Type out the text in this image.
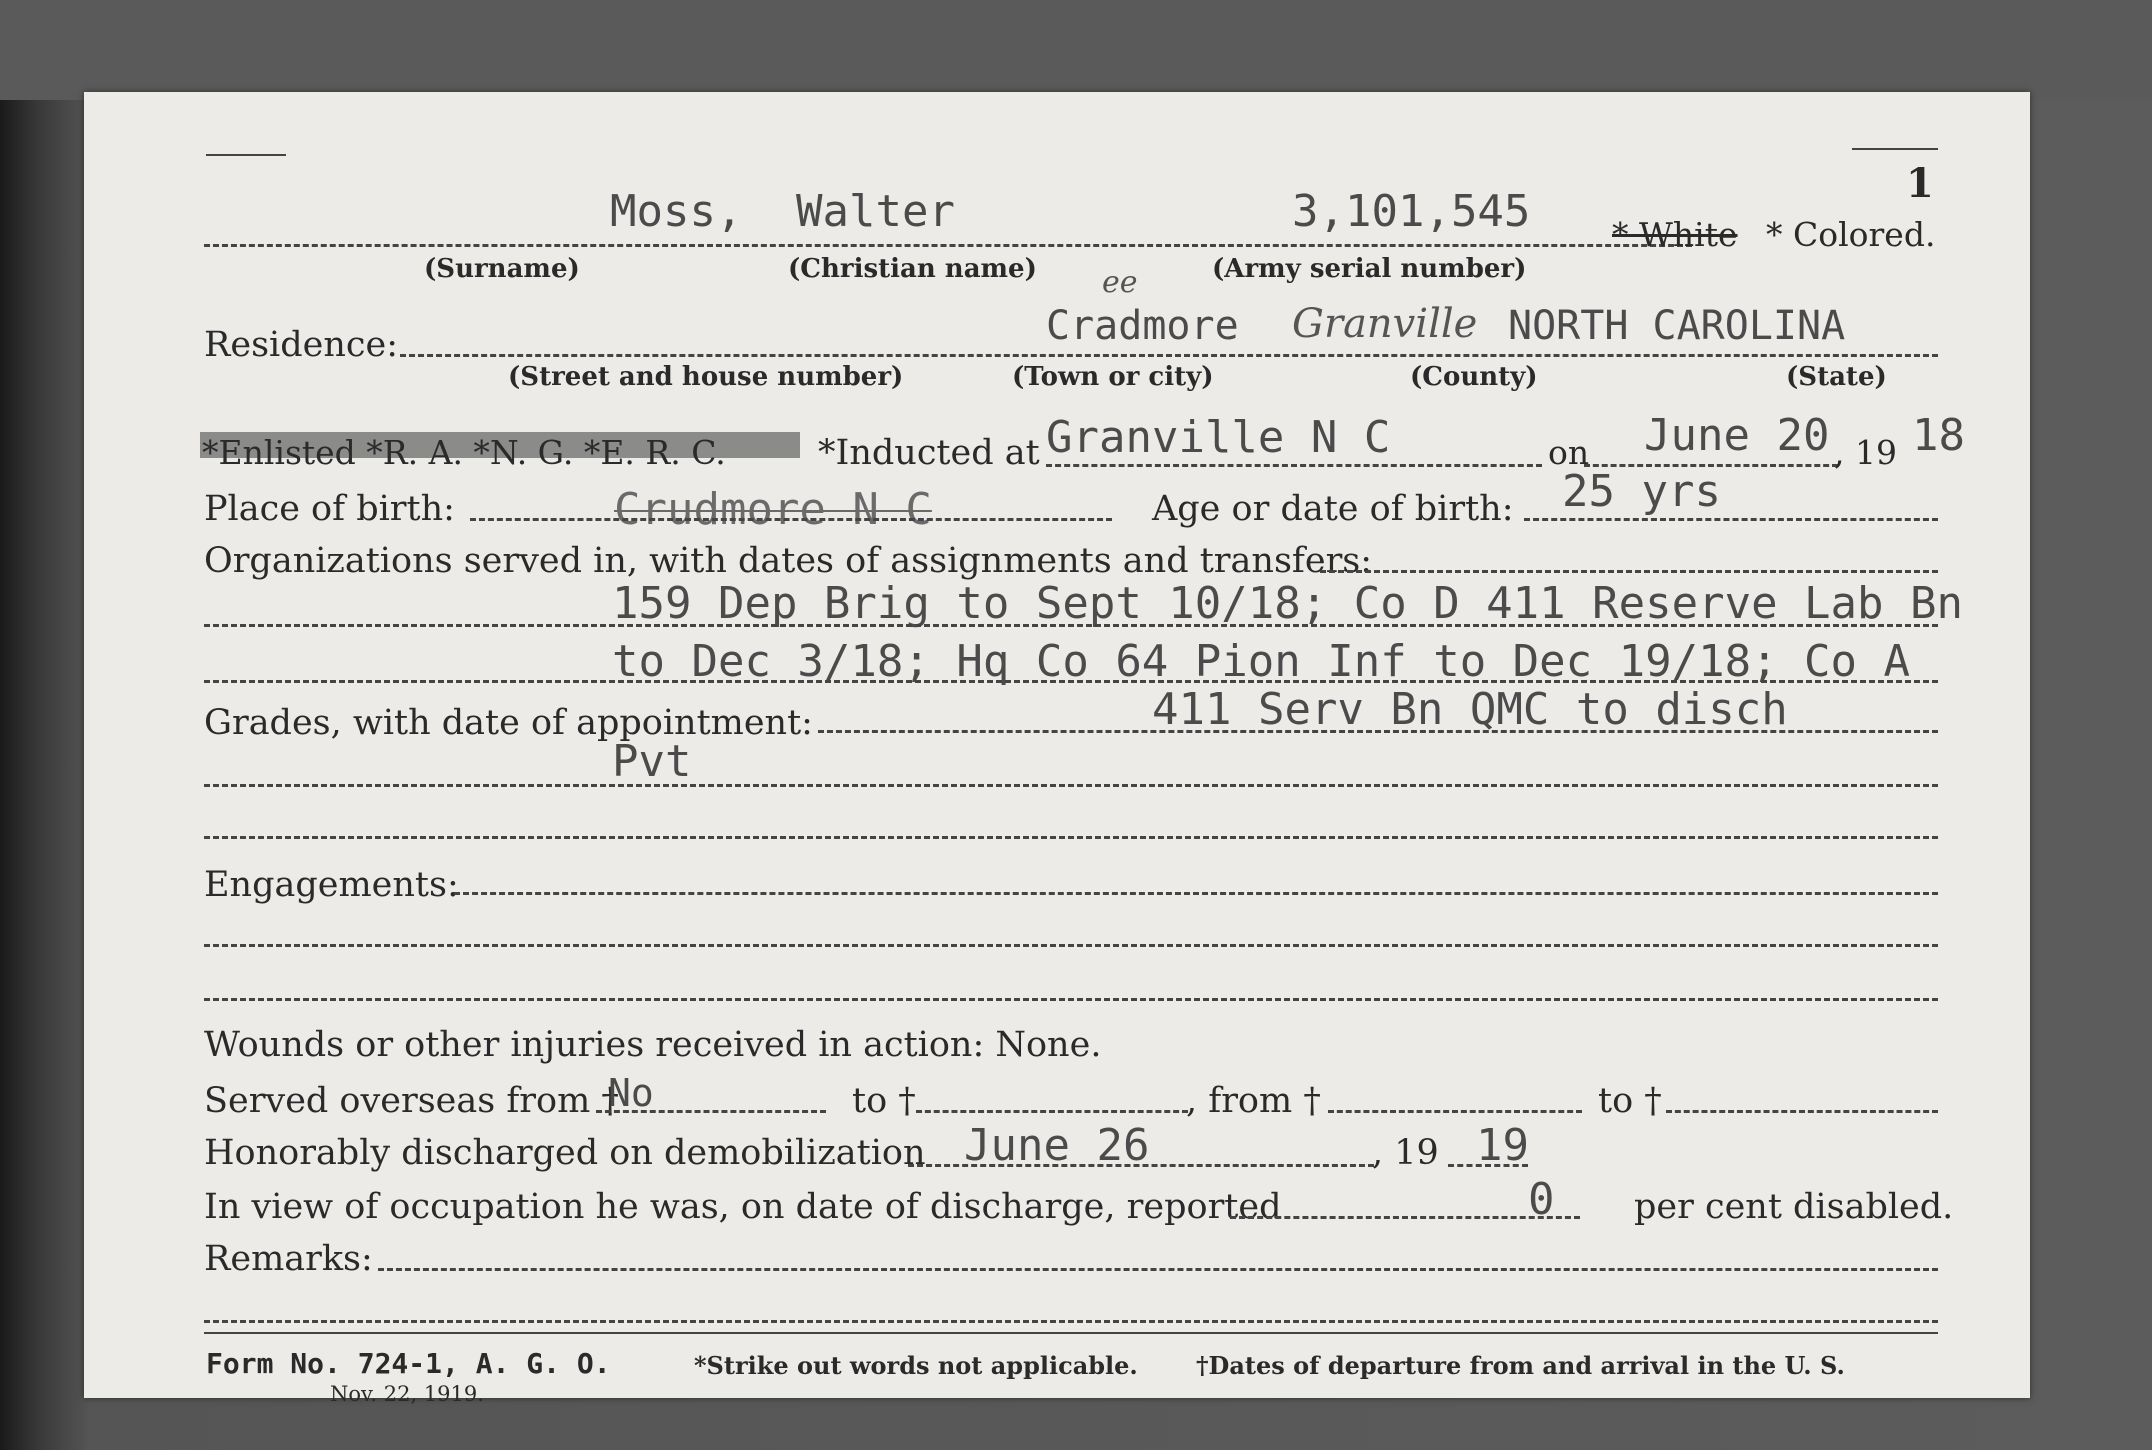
1
Moss, Walter	3,101,545 * White * Colored.
(Surname)	(Christian name)	(Army serial number)
Residence:
ee
Cradmore Granville NORTH CAROLINA
(Street and house number)	(Town or city)	(County)	(State)
*Enlisted *R. A. *N. G. *E. R. C.	*Inducted at Granville N C	on June 20 , 19 18
Place of birth:	Crudmore N C	Age or date of birth: 25 yrs
Organizations served in, with dates of assignments and transfers:
159 Dep Brig to Sept 10/18; Co D 411 Reserve Lab Bn
to Dec 3/18; Hq Co 64 Pion Inf to Dec 19/18; Co A
Grades, with date of appointment:	411 Serv Bn QMC to disch
Pvt
Engagements:
Wounds or other injuries received in action: None.
Served overseas from †
No	to †	, from †	to †
Honorably discharged on demobilization June 26	, 19 19
In view of occupation he was, on date of discharge, reported	0 per cent disabled.
Remarks:
Form No. 724-1, A. G. O.
Nov. 22, 1919.
*Strike out words not applicable. †Dates of departure from and arrival in the U. S.
